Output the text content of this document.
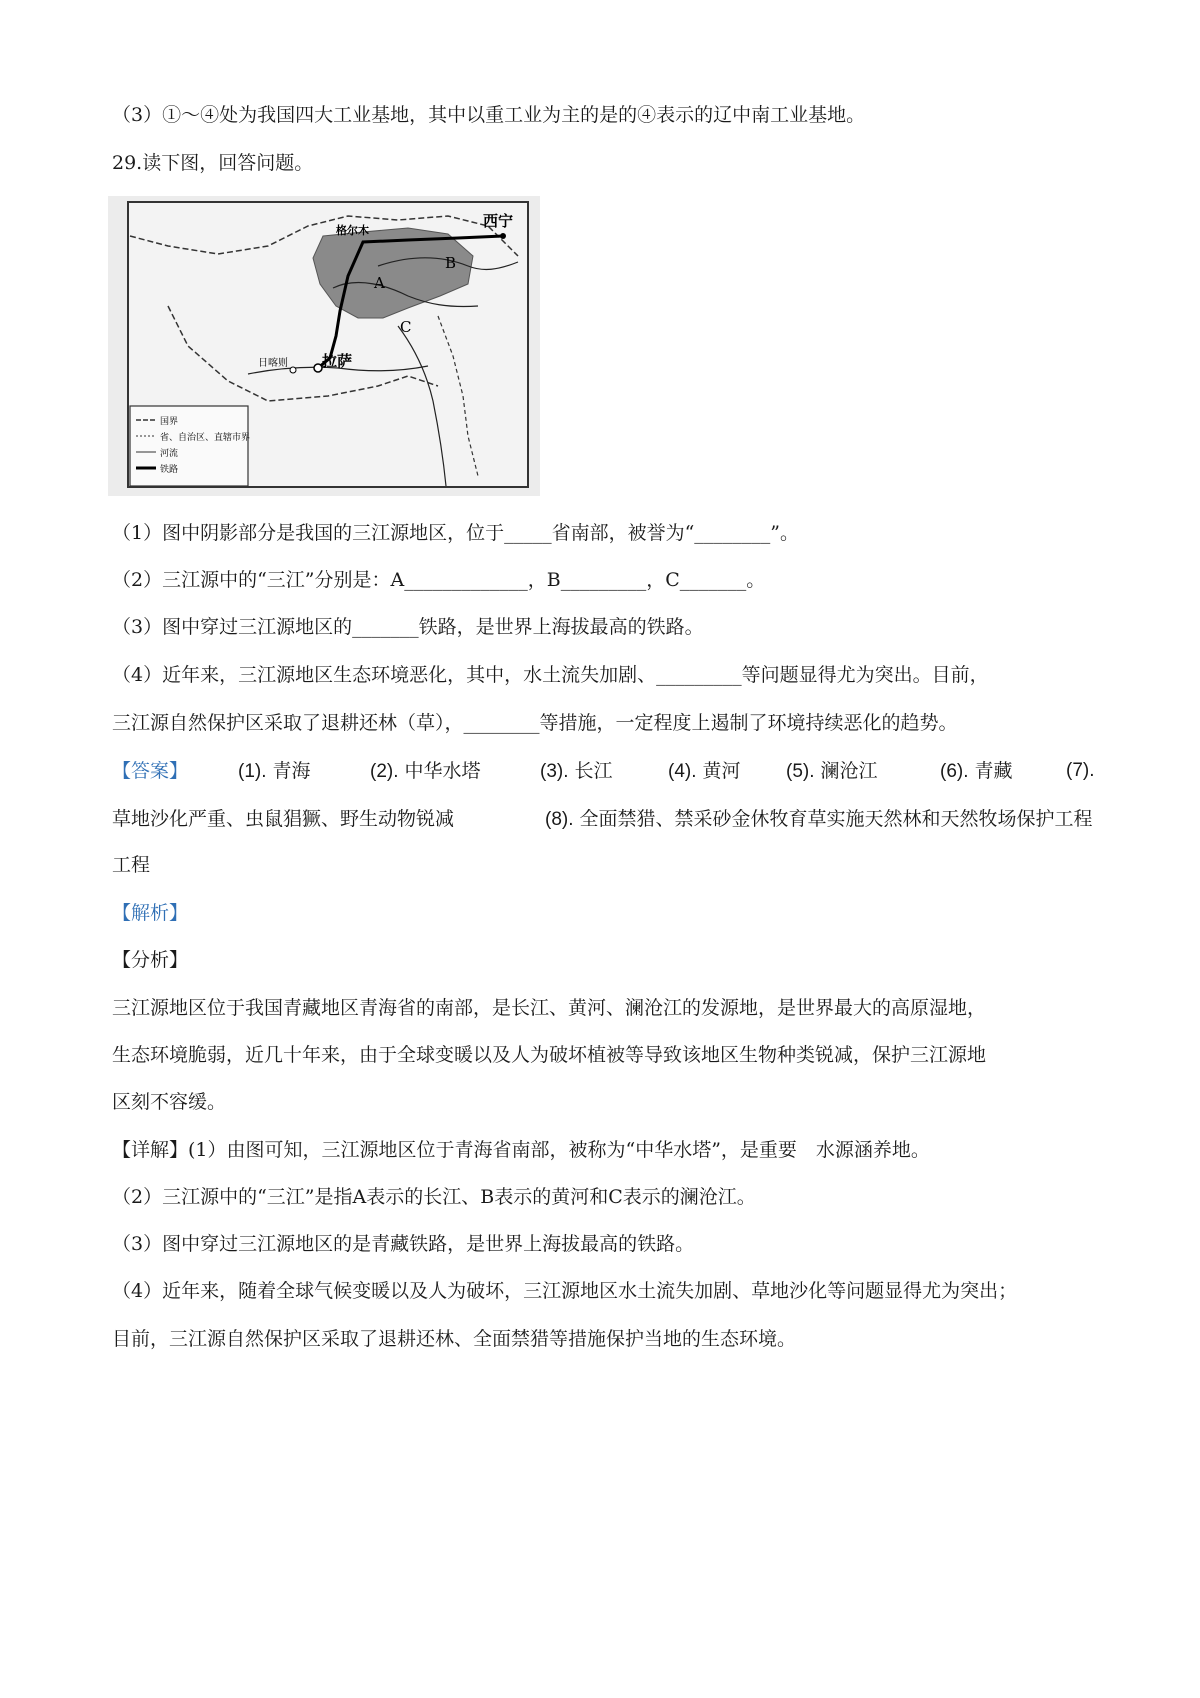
（3）①～④处为我国四大工业基地，其中以重工业为主的是的④表示的辽中南工业基地。
29.读下图，回答问题。
西宁
格尔木
拉萨
日喀则
A
B
C
国界
省、自治区、直辖市界
河流
铁路
（1）图中阴影部分是我国的三江源地区，位于_____省南部，被誉为“________”。
（2）三江源中的“三江”分别是：A_____________，B_________，C_______。
（3）图中穿过三江源地区的_______铁路，是世界上海拔最高的铁路。
（4）近年来，三江源地区生态环境恶化，其中，水土流失加剧、_________等问题显得尤为突出。目前，
三江源自然保护区采取了退耕还林（草），________等措施，一定程度上遏制了环境持续恶化的趋势。
【答案】	(1). 青海	(2). 中华水塔	(3). 长江	(4). 黄河 (5). 澜沧江	(6). 青藏	(7).
草地沙化严重、虫鼠猖獗、野生动物锐减	(8). 全面禁猎、禁采砂金休牧育草实施天然林和天然牧场保护工程
工程
【解析】
【分析】
三江源地区位于我国青藏地区青海省的南部，是长江、黄河、澜沧江的发源地，是世界最大的高原湿地，
生态环境脆弱，近几十年来，由于全球变暖以及人为破坏植被等导致该地区生物种类锐减，保护三江源地
区刻不容缓。
【详解】(1）由图可知，三江源地区位于青海省南部，被称为“中华水塔”，是重要　水源涵养地。
（2）三江源中的“三江”是指A表示的长江、B表示的黄河和C表示的澜沧江。
（3）图中穿过三江源地区的是青藏铁路，是世界上海拔最高的铁路。
（4）近年来，随着全球气候变暖以及人为破坏，三江源地区水土流失加剧、草地沙化等问题显得尤为突出；
目前，三江源自然保护区采取了退耕还林、全面禁猎等措施保护当地的生态环境。
